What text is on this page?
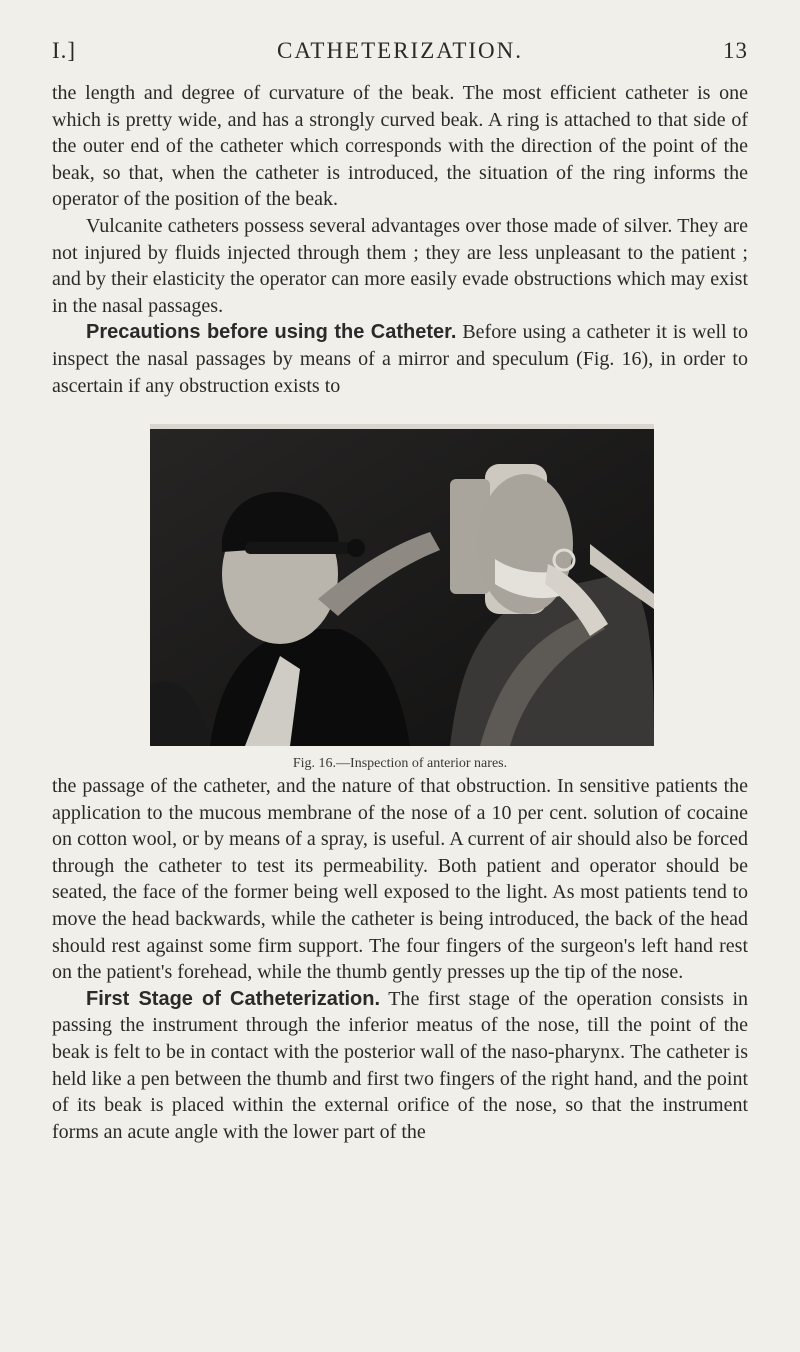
I.]	CATHETERIZATION.	13

the length and degree of curvature of the beak. The most efficient catheter is one which is pretty wide, and has a strongly curved beak. A ring is attached to that side of the outer end of the catheter which corresponds with the direction of the point of the beak, so that, when the catheter is introduced, the situation of the ring informs the operator of the position of the beak.

Vulcanite catheters possess several advantages over those made of silver. They are not injured by fluids injected through them ; they are less unpleasant to the patient ; and by their elasticity the operator can more easily evade obstructions which may exist in the nasal passages.

Precautions before using the Catheter. Before using a catheter it is well to inspect the nasal passages by means of a mirror and speculum (Fig. 16), in order to ascertain if any obstruction exists to

Fig. 16.—Inspection of anterior nares.

the passage of the catheter, and the nature of that obstruction. In sensitive patients the application to the mucous membrane of the nose of a 10 per cent. solution of cocaine on cotton wool, or by means of a spray, is useful. A current of air should also be forced through the catheter to test its permeability. Both patient and operator should be seated, the face of the former being well exposed to the light. As most patients tend to move the head backwards, while the catheter is being introduced, the back of the head should rest against some firm support. The four fingers of the surgeon's left hand rest on the patient's forehead, while the thumb gently presses up the tip of the nose.

First Stage of Catheterization. The first stage of the operation consists in passing the instrument through the inferior meatus of the nose, till the point of the beak is felt to be in contact with the posterior wall of the naso-pharynx. The catheter is held like a pen between the thumb and first two fingers of the right hand, and the point of its beak is placed within the external orifice of the nose, so that the instrument forms an acute angle with the lower part of the
